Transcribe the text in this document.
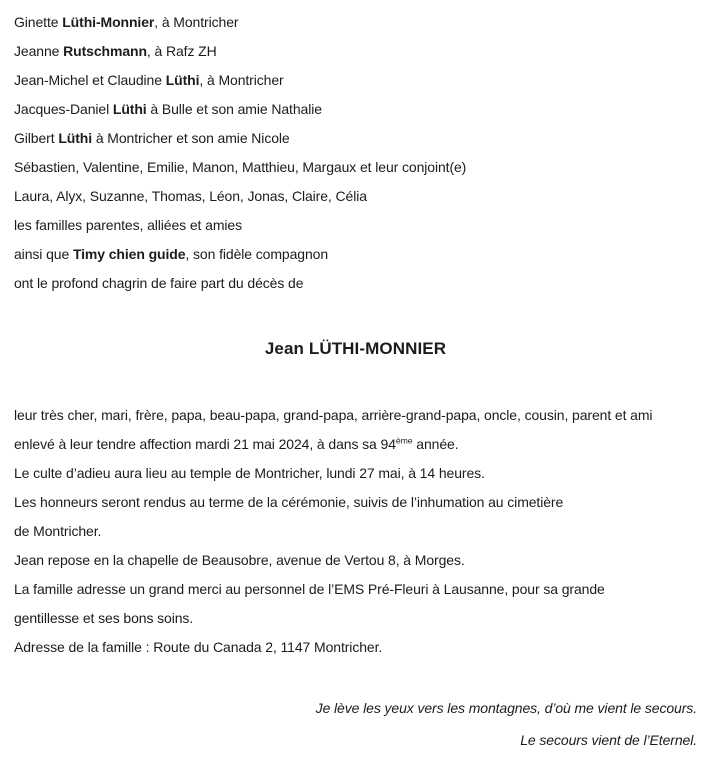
Ginette Lüthi-Monnier, à Montricher

Jeanne Rutschmann, à Rafz ZH

Jean-Michel et Claudine Lüthi, à Montricher

Jacques-Daniel Lüthi à Bulle et son amie Nathalie

Gilbert Lüthi à Montricher et son amie Nicole

Sébastien, Valentine, Emilie, Manon, Matthieu, Margaux et leur conjoint(e)

Laura, Alyx, Suzanne, Thomas, Léon, Jonas, Claire, Célia

les familles parentes, alliées et amies

ainsi que Timy chien guide, son fidèle compagnon

ont le profond chagrin de faire part du décès de

Jean LÜTHI-MONNIER

leur très cher, mari, frère, papa, beau-papa, grand-papa, arrière-grand-papa, oncle, cousin, parent et ami

enlevé à leur tendre affection mardi 21 mai 2024, à dans sa 94ème année.

Le culte d’adieu aura lieu au temple de Montricher, lundi 27 mai, à 14 heures.

Les honneurs seront rendus au terme de la cérémonie, suivis de l’inhumation au cimetière

de Montricher.

Jean repose en la chapelle de Beausobre, avenue de Vertou 8, à Morges.

La famille adresse un grand merci au personnel de l’EMS Pré-Fleuri à Lausanne, pour sa grande

gentillesse et ses bons soins.

Adresse de la famille : Route du Canada 2, 1147 Montricher.

Je lève les yeux vers les montagnes, d’où me vient le secours.

Le secours vient de l’Eternel.
